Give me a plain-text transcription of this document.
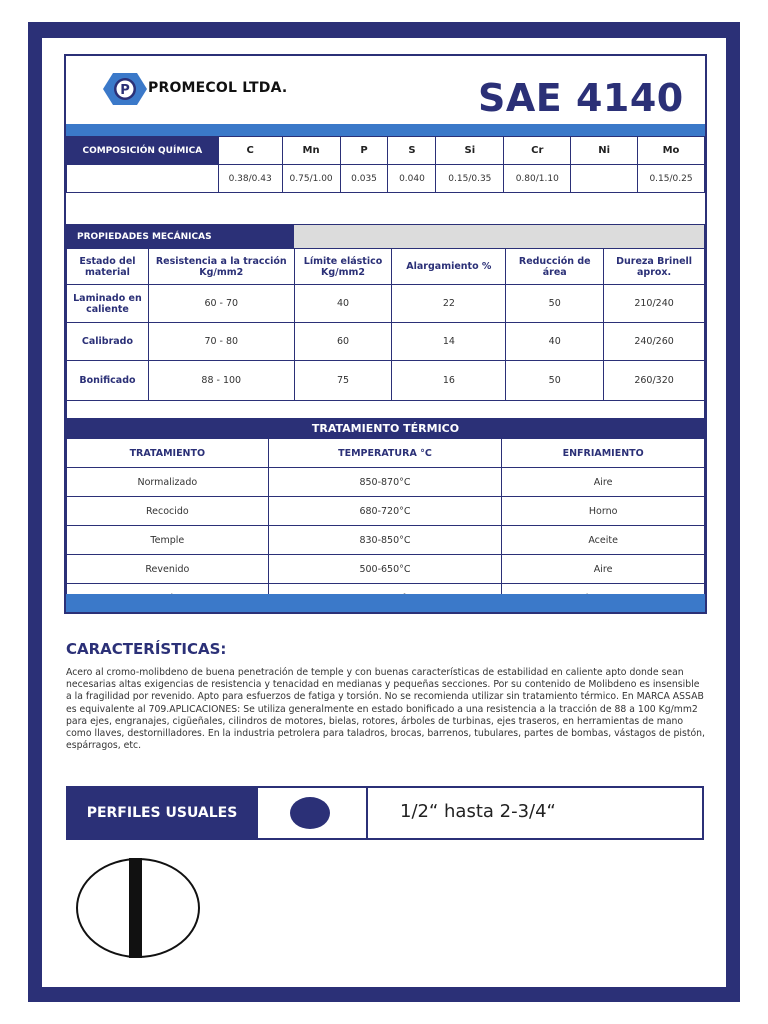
P PROMECOL LTDA.	SAE 4140
COMPOSICIÓN QUÍMICA	C	Mn	P	S	Si	Cr	Ni	Mo
	0.38/0.43	0.75/1.00	0.035	0.040	0.15/0.35	0.80/1.10		0.15/0.25
PROPIEDADES MECÁNICAS					
Estado del material	Resistencia a la tracción Kg/mm2	Límite elástico Kg/mm2	Alargamiento %	Reducción de área	Dureza Brinell aprox.
Laminado en caliente	60 - 70	40	22	50	210/240
Calibrado	70 - 80	60	14	40	240/260
Bonificado	88 - 100	75	16	50	260/320

TRATAMIENTO TÉRMICO		
TRATAMIENTO	TEMPERATURA °C	ENFRIAMIENTO
Normalizado	850-870°C	Aire
Recocido	680-720°C	Horno
Temple	830-850°C	Aceite
Revenido	500-650°C	Aire

CARACTERÍSTICAS:
Acero al cromo-molibdeno de buena penetración de temple y con buenas características de estabilidad en caliente apto donde sean necesarias altas exigencias de resistencia y tenacidad en medianas y pequeñas secciones. Por su contenido de Molibdeno es insensible a la fragilidad por revenido. Apto para esfuerzos de fatiga y torsión. No se recomienda utilizar sin tratamiento térmico. En MARCA ASSAB es equivalente al 709.APLICACIONES: Se utiliza generalmente en estado bonificado a una resistencia a la tracción de 88 a 100 Kg/mm2 para ejes, engranajes, cigüeñales, cilindros de motores, bielas, rotores, árboles de turbinas, ejes traseros, en herramientas de mano como llaves, destornilladores. En la industria petrolera para taladros, brocas, barrenos, tubulares, partes de bombas, vástagos de pistón, espárragos, etc.
PERFILES USUALES	1/2“ hasta 2-3/4“
